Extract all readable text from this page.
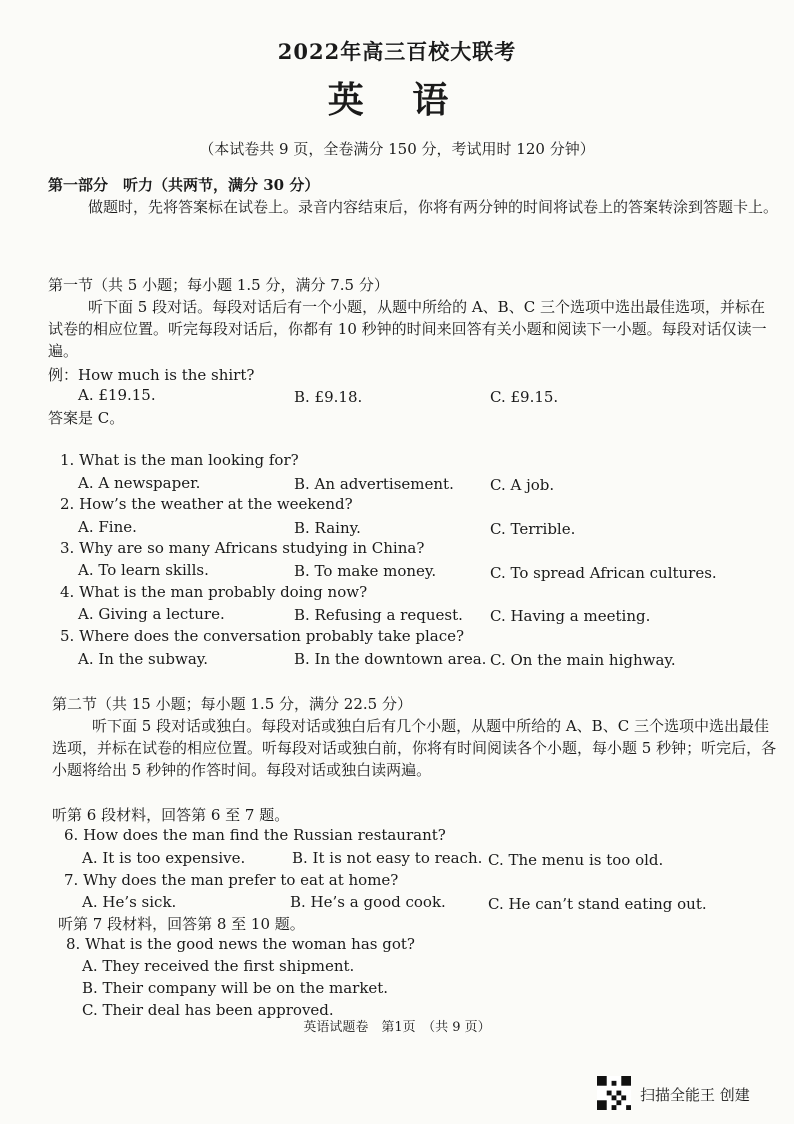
2022年高三百校大联考
英 语
（本试卷共 9 页，全卷满分 150 分，考试用时 120 分钟）
第一部分　听力（共两节，满分 30 分）
做题时，先将答案标在试卷上。录音内容结束后，你将有两分钟的时间将试卷上的答案转涂到答题卡上。
第一节（共 5 小题；每小题 1.5 分，满分 7.5 分）
听下面 5 段对话。每段对话后有一个小题，从题中所给的 A、B、C 三个选项中选出最佳选项，并标在试卷的相应位置。听完每段对话后，你都有 10 秒钟的时间来回答有关小题和阅读下一小题。每段对话仅读一遍。
例：How much is the shirt?
A. £19.15.	B. £9.18.	C. £9.15.
答案是 C。
1. What is the man looking for?
A. A newspaper.	B. An advertisement. C. A job.
2. How’s the weather at the weekend?
A. Fine.	B. Rainy.	C. Terrible.
3. Why are so many Africans studying in China?
A. To learn skills.	B. To make money.	C. To spread African cultures.
4. What is the man probably doing now?
A. Giving a lecture.	B. Refusing a request. C. Having a meeting.
5. Where does the conversation probably take place?
A. In the subway.	B. In the downtown area. C. On the main highway.
第二节（共 15 小题；每小题 1.5 分，满分 22.5 分）
听下面 5 段对话或独白。每段对话或独白后有几个小题，从题中所给的 A、B、C 三个选项中选出最佳选项，并标在试卷的相应位置。听每段对话或独白前，你将有时间阅读各个小题，每小题 5 秒钟；听完后，各小题将给出 5 秒钟的作答时间。每段对话或独白读两遍。
听第 6 段材料，回答第 6 至 7 题。
6. How does the man find the Russian restaurant?
A. It is too expensive.	B. It is not easy to reach. C. The menu is too old.
7. Why does the man prefer to eat at home?
A. He’s sick.	B. He’s a good cook.	C. He can’t stand eating out.
听第 7 段材料，回答第 8 至 10 题。
8. What is the good news the woman has got?
A. They received the first shipment.
B. Their company will be on the market.
C. Their deal has been approved.
英语试题卷　第1页　（共 9 页）
扫描全能王 创建
